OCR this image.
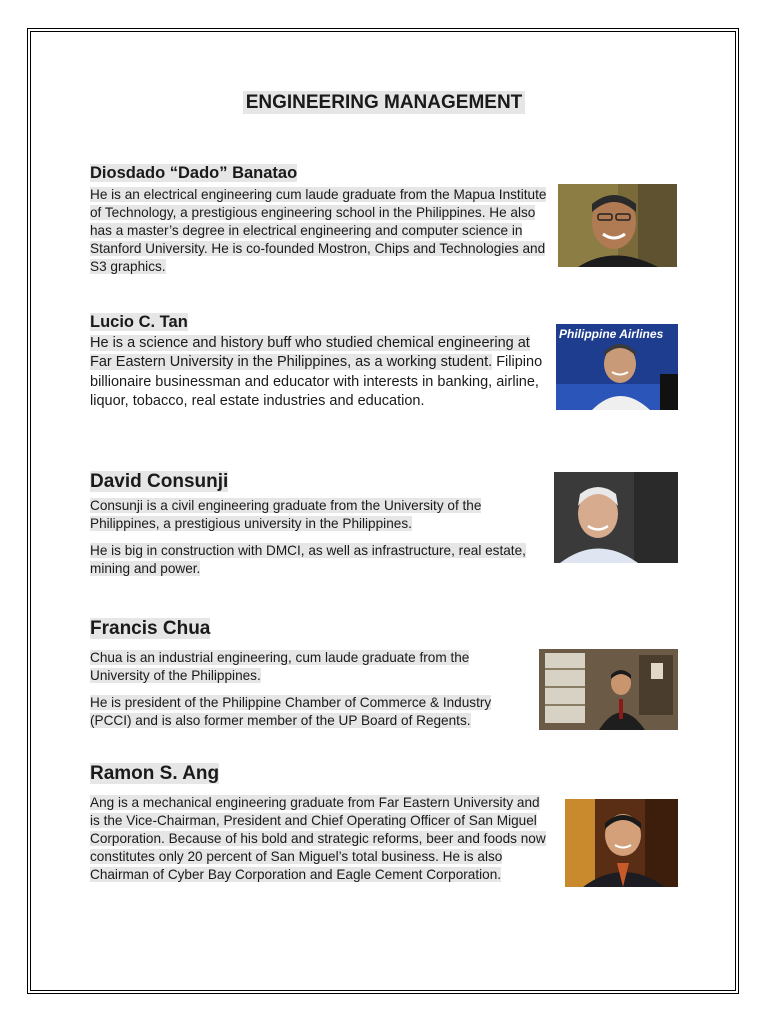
ENGINEERING MANAGEMENT
Diosdado “Dado” Banatao

He is an electrical engineering cum laude graduate from the Mapua Institute of Technology, a prestigious engineering school in the Philippines. He also has a master’s degree in electrical engineering and computer science in Stanford University. He is co-founded Mostron, Chips and Technologies and S3 graphics.

Lucio C. Tan

He is a science and history buff who studied chemical engineering at Far Eastern University in the Philippines, as a working student. Filipino billionaire businessman and educator with interests in banking, airline, liquor, tobacco, real estate industries and education.

Philippine Airlines
David Consunji

Consunji is a civil engineering graduate from the University of the Philippines, a prestigious university in the Philippines.

He is big in construction with DMCI, as well as infrastructure, real estate, mining and power.

Francis Chua

Chua is an industrial engineering, cum laude graduate from the University of the Philippines.

He is president of the Philippine Chamber of Commerce & Industry (PCCI) and is also former member of the UP Board of Regents.

Ramon S. Ang

Ang is a mechanical engineering graduate from Far Eastern University and is the Vice-Chairman, President and Chief Operating Officer of San Miguel Corporation. Because of his bold and strategic reforms, beer and foods now constitutes only 20 percent of San Miguel’s total business. He is also Chairman of Cyber Bay Corporation and Eagle Cement Corporation.
